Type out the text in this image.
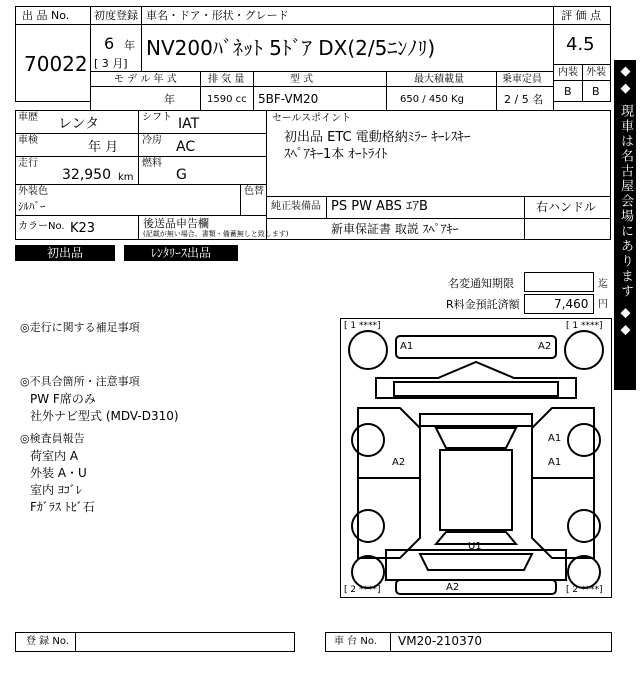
出 品 No.
70022
初度登録
6 年
[ 3 月]
車名・ドア・形状・グレード
NV200ﾊﾞﾈｯﾄ 5ﾄﾞｱ DX(2/5ﾆﾝﾉﾘ)
評 価 点
4.5
内装 外装
B B
モ デ ル 年 式
年
排 気 量
1590 cc
型 式
5BF-VM20
最大積載量
650 / 450 Kg
乗車定員
2 / 5 名
車歴 レンタ	シフト IAT
車検	年 月 冷房 AC
走行
32,950 km
燃料
G
外装色
ｼﾙﾊﾞｰ
色替
カラーNo. K23	後送品申告欄
(記載が無い場合、書類・備蓄無しと致します)
セールスポイント
初出品 ETC 電動格納ﾐﾗｰ ｷｰﾚｽｷｰ
ｽﾍﾟｱｷｰ1本 ｵｰﾄﾗｲﾄ
純正装備品 PS PW ABS ｴｱB	右ハンドル
新車保証書 取説 ｽﾍﾟｱｷｰ
初出品	ﾚﾝﾀﾘｰｽ出品
名変通知期限	迄
R料金預託済額	7,460 円
◎走行に関する補足事項
◎不具合箇所・注意事項
PW F席のみ
社外ナビ型式 (MDV-D310)
◎検査員報告
荷室内 A
外装 A・U
室内 ﾖｺﾞﾚ
Fｶﾞﾗｽ ﾄﾋﾞ石
[ 1 ****]	[ 1 ****]
[ 2 ****]	[ 2 ****]
A1	A2
A1
A1
A2
U1
A2
◆◆ 現車は名古屋会場にあります ◆◆
登 録 No.	車 台 No. VM20-210370
